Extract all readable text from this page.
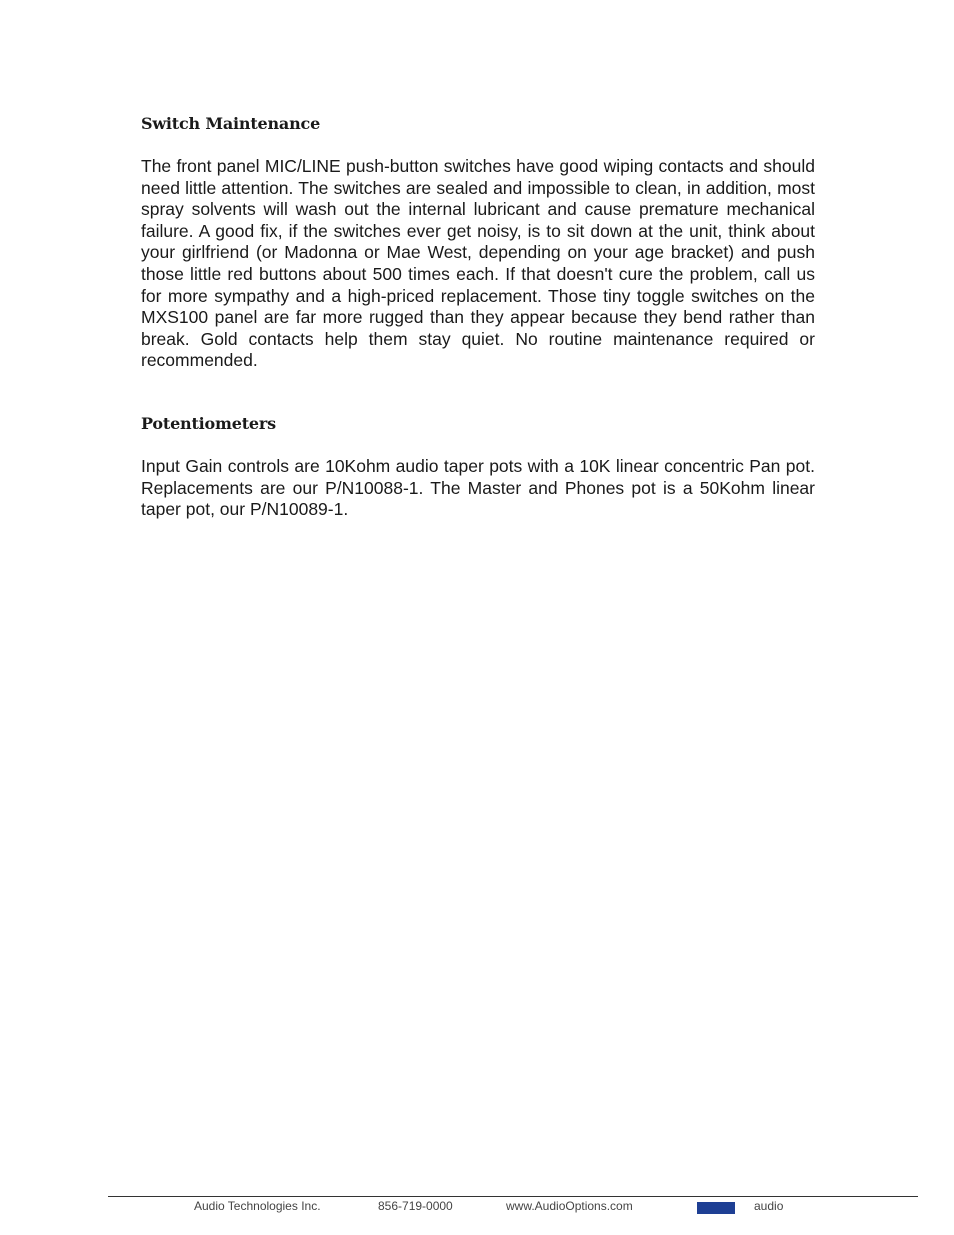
Switch Maintenance

The front panel MIC/LINE push-button switches have good wiping contacts and should need little attention. The switches are sealed and impossible to clean, in addition, most spray solvents will wash out the internal lubricant and cause premature mechanical failure. A good fix, if the switches ever get noisy, is to sit down at the unit, think about your girlfriend (or Madonna or Mae West, depending on your age bracket) and push those little red buttons about 500 times each. If that doesn't cure the problem, call us for more sympathy and a high-priced replacement. Those tiny toggle switches on the MXS100 panel are far more rugged than they appear because they bend rather than break. Gold contacts help them stay quiet. No routine maintenance required or recommended.

Potentiometers

Input Gain controls are 10Kohm audio taper pots with a 10K linear concentric Pan pot. Replacements are our P/N10088-1. The Master and Phones pot is a 50Kohm linear taper pot, our P/N10089-1.

Audio Technologies Inc.	856-719-0000	www.AudioOptions.com	audio
